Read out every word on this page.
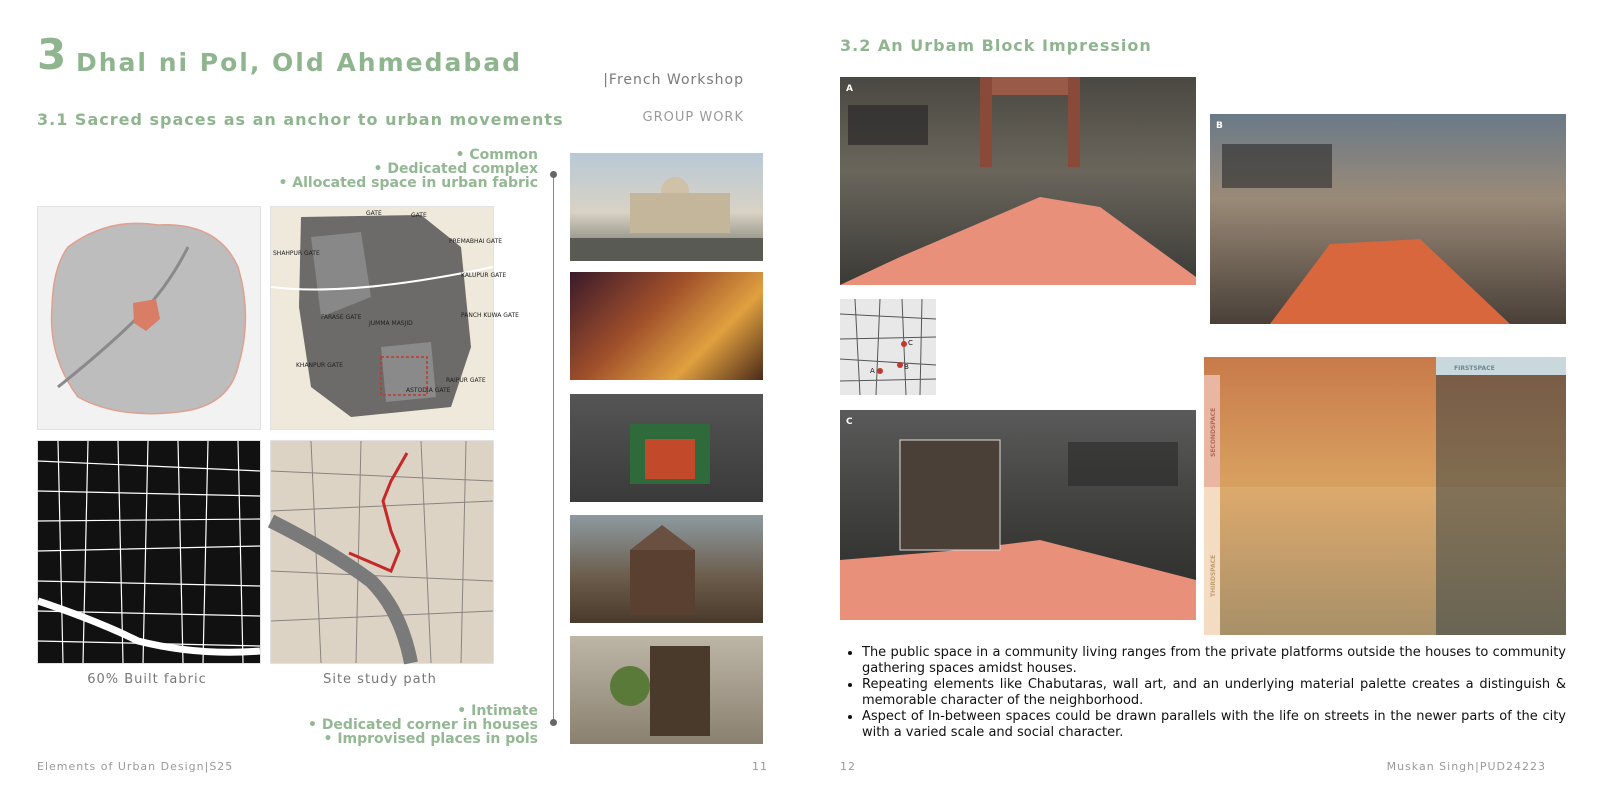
3 Dhal ni Pol, Old Ahmedabad
|French Workshop
GROUP WORK
3.1 Sacred spaces as an anchor to urban movements
• Common
• Dedicated complex
• Allocated space in urban fabric
GATE	GATE
PREMABHAI GATE
KALUPUR GATE
SHAHPUR GATE
PANCH KUWA GATE
FARASE GATE
JUMMA MASJID
RAIPUR GATE
ASTODIA GATE
KHANPUR GATE
60% Built fabric	Site study path
• Intimate
• Dedicated corner in houses
• Improvised places in pols
Elements of Urban Design|S25	11
3.2 An Urbam Block Impression
A
B
A	B
C
C
FIRSTSPACE
SECONDSPACE
THIRDSPACE
• The public space in a community living ranges from the private platforms outside the houses to community gathering spaces amidst houses.
• Repeating elements like Chabutaras, wall art, and an underlying material palette creates a distinguish & memorable character of the neighborhood.
• Aspect of In-between spaces could be drawn parallels with the life on streets in the newer parts of the city with a varied scale and social character.
12	Muskan Singh|PUD24223
